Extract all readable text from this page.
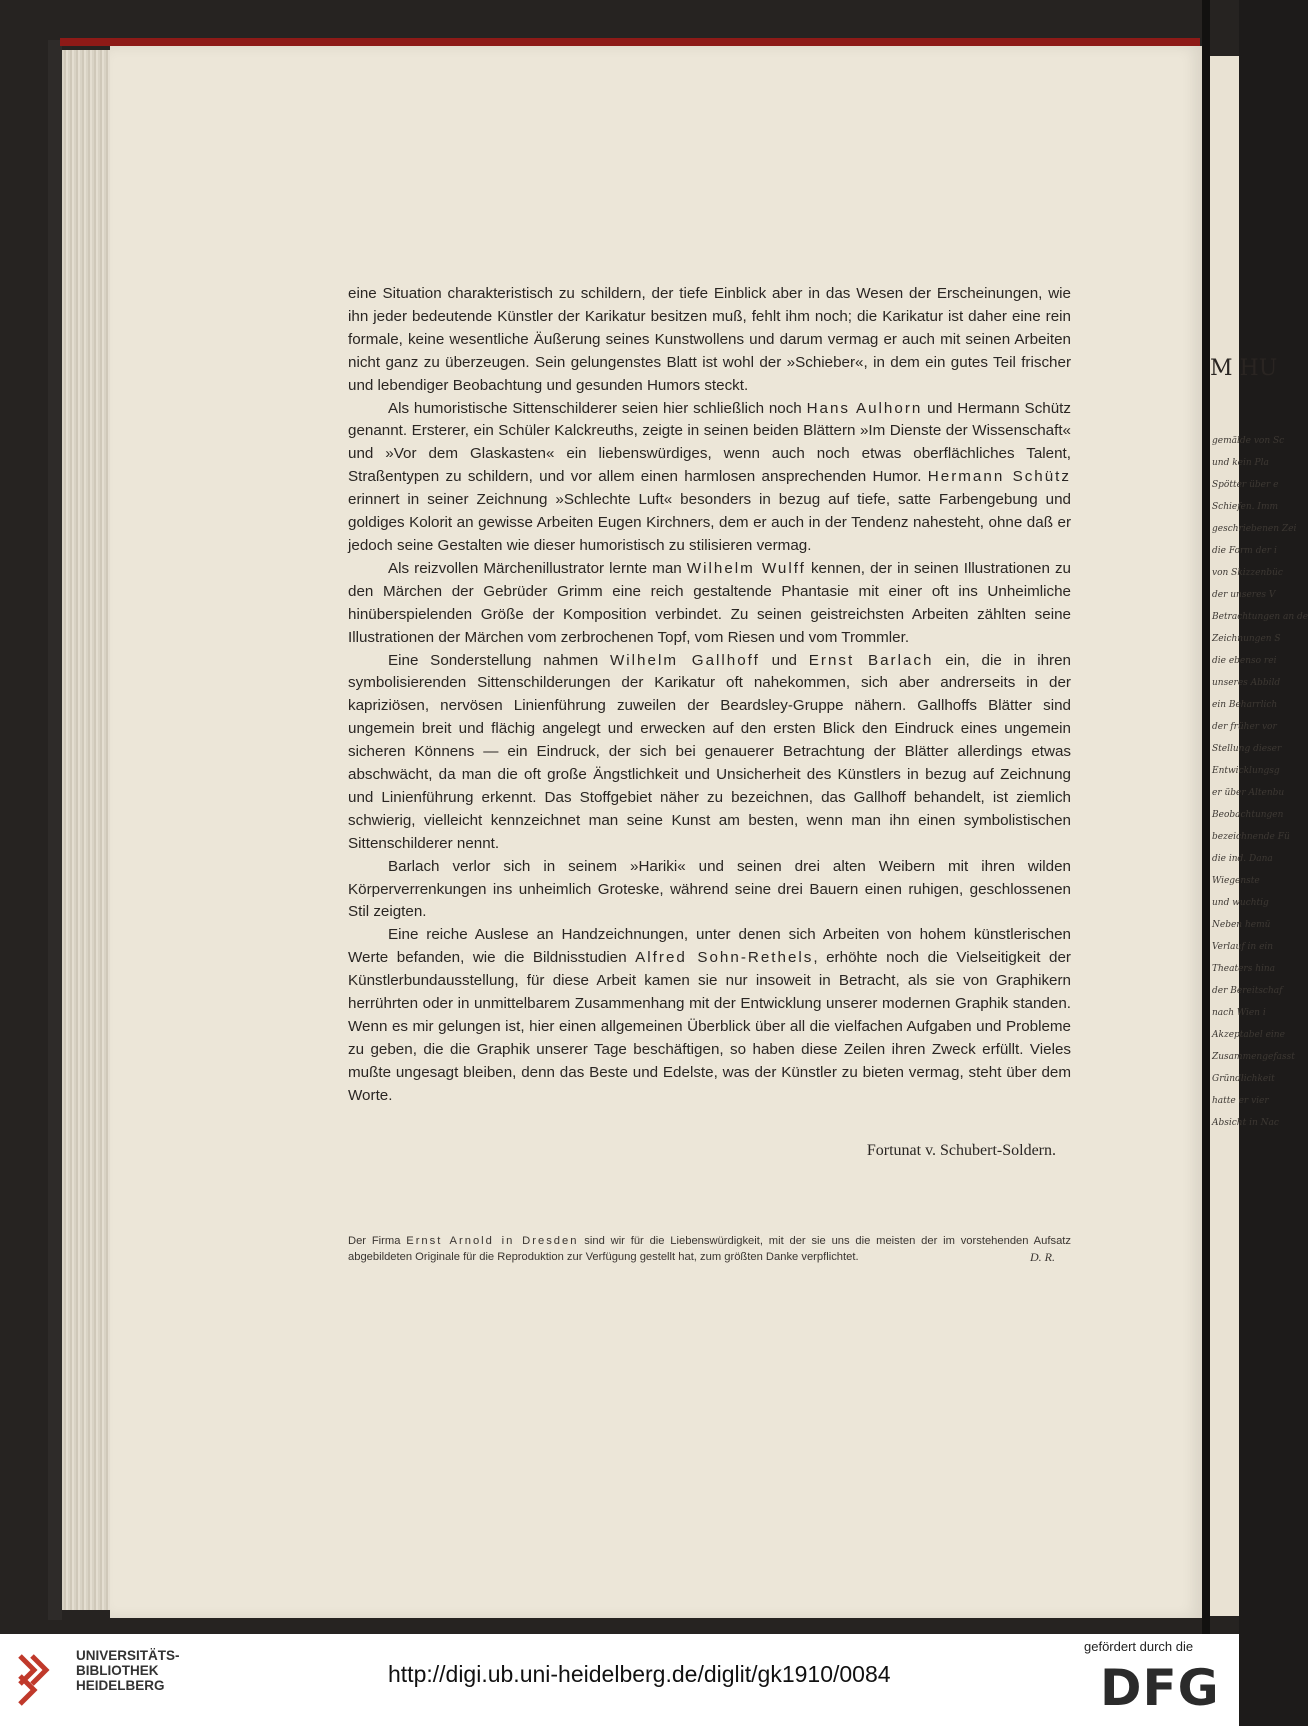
M HU
gemälde von Sc
und kein Pla
Spötter über e
Schiefen. Imm
geschriebenen Zei
die Form der i
von Skizzenbüc
der unseres V
Betrachtungen an de
Zeichnungen S
die ebenso rei
unseres Abbild
ein Beharrlich
der früher vor
Stellung dieser
Entwicklungsg
er über Altenbu
Beobachtungen
bezeichnende Fü
die ind. Dana
Wiegenste
und wuchtig
Neben hemü
Verlauf in ein
Theaters hina
der Bereitschaf
nach Wien i
Akzeptabel eine
Zusammengefasst
Gründlichkeit
hatte er vier
Absicht in Nac

eine Situation charakteristisch zu schildern, der tiefe Einblick aber in das Wesen der Erscheinungen, wie ihn jeder bedeutende Künstler der Karikatur besitzen muß, fehlt ihm noch; die Karikatur ist daher eine rein formale, keine wesentliche Äußerung seines Kunstwollens und darum vermag er auch mit seinen Arbeiten nicht ganz zu überzeugen. Sein gelungenstes Blatt ist wohl der »Schieber«, in dem ein gutes Teil frischer und lebendiger Beobachtung und gesunden Humors steckt.

Als humoristische Sittenschilderer seien hier schließlich noch Hans Aulhorn und Hermann Schütz genannt. Ersterer, ein Schüler Kalckreuths, zeigte in seinen beiden Blättern »Im Dienste der Wissenschaft« und »Vor dem Glaskasten« ein liebenswürdiges, wenn auch noch etwas oberflächliches Talent, Straßentypen zu schildern, und vor allem einen harmlosen ansprechenden Humor. Hermann Schütz erinnert in seiner Zeichnung »Schlechte Luft« besonders in bezug auf tiefe, satte Farbengebung und goldiges Kolorit an gewisse Arbeiten Eugen Kirchners, dem er auch in der Tendenz nahesteht, ohne daß er jedoch seine Gestalten wie dieser humoristisch zu stilisieren vermag.

Als reizvollen Märchenillustrator lernte man Wilhelm Wulff kennen, der in seinen Illustrationen zu den Märchen der Gebrüder Grimm eine reich gestaltende Phantasie mit einer oft ins Unheimliche hinüberspielenden Größe der Komposition verbindet. Zu seinen geistreichsten Arbeiten zählten seine Illustrationen der Märchen vom zerbrochenen Topf, vom Riesen und vom Trommler.

Eine Sonderstellung nahmen Wilhelm Gallhoff und Ernst Barlach ein, die in ihren symbolisierenden Sittenschilderungen der Karikatur oft nahekommen, sich aber andrerseits in der kapriziösen, nervösen Linienführung zuweilen der Beardsley-Gruppe nähern. Gallhoffs Blätter sind ungemein breit und flächig angelegt und erwecken auf den ersten Blick den Eindruck eines ungemein sicheren Könnens — ein Eindruck, der sich bei genauerer Betrachtung der Blätter allerdings etwas abschwächt, da man die oft große Ängstlichkeit und Unsicherheit des Künstlers in bezug auf Zeichnung und Linienführung erkennt. Das Stoffgebiet näher zu bezeichnen, das Gallhoff behandelt, ist ziemlich schwierig, vielleicht kennzeichnet man seine Kunst am besten, wenn man ihn einen symbolistischen Sittenschilderer nennt.

Barlach verlor sich in seinem »Hariki« und seinen drei alten Weibern mit ihren wilden Körperverrenkungen ins unheimlich Groteske, während seine drei Bauern einen ruhigen, geschlossenen Stil zeigten.

Eine reiche Auslese an Handzeichnungen, unter denen sich Arbeiten von hohem künstlerischen Werte befanden, wie die Bildnisstudien Alfred Sohn-Rethels, erhöhte noch die Vielseitigkeit der Künstlerbundausstellung, für diese Arbeit kamen sie nur insoweit in Betracht, als sie von Graphikern herrührten oder in unmittelbarem Zusammenhang mit der Entwicklung unserer modernen Graphik standen. Wenn es mir gelungen ist, hier einen allgemeinen Überblick über all die vielfachen Aufgaben und Probleme zu geben, die die Graphik unserer Tage beschäftigen, so haben diese Zeilen ihren Zweck erfüllt. Vieles mußte ungesagt bleiben, denn das Beste und Edelste, was der Künstler zu bieten vermag, steht über dem Worte.

Fortunat v. Schubert-Soldern.
Der Firma Ernst Arnold in Dresden sind wir für die Liebenswürdigkeit, mit der sie uns die meisten der im vorstehenden Aufsatz abgebildeten Originale für die Reproduktion zur Verfügung gestellt hat, zum größten Danke verpflichtet.	D. R.
UNIVERSITÄTS-
BIBLIOTHEK
HEIDELBERG	http://digi.ub.uni-heidelberg.de/diglit/gk1910/0084
gefördert durch die
DFG
